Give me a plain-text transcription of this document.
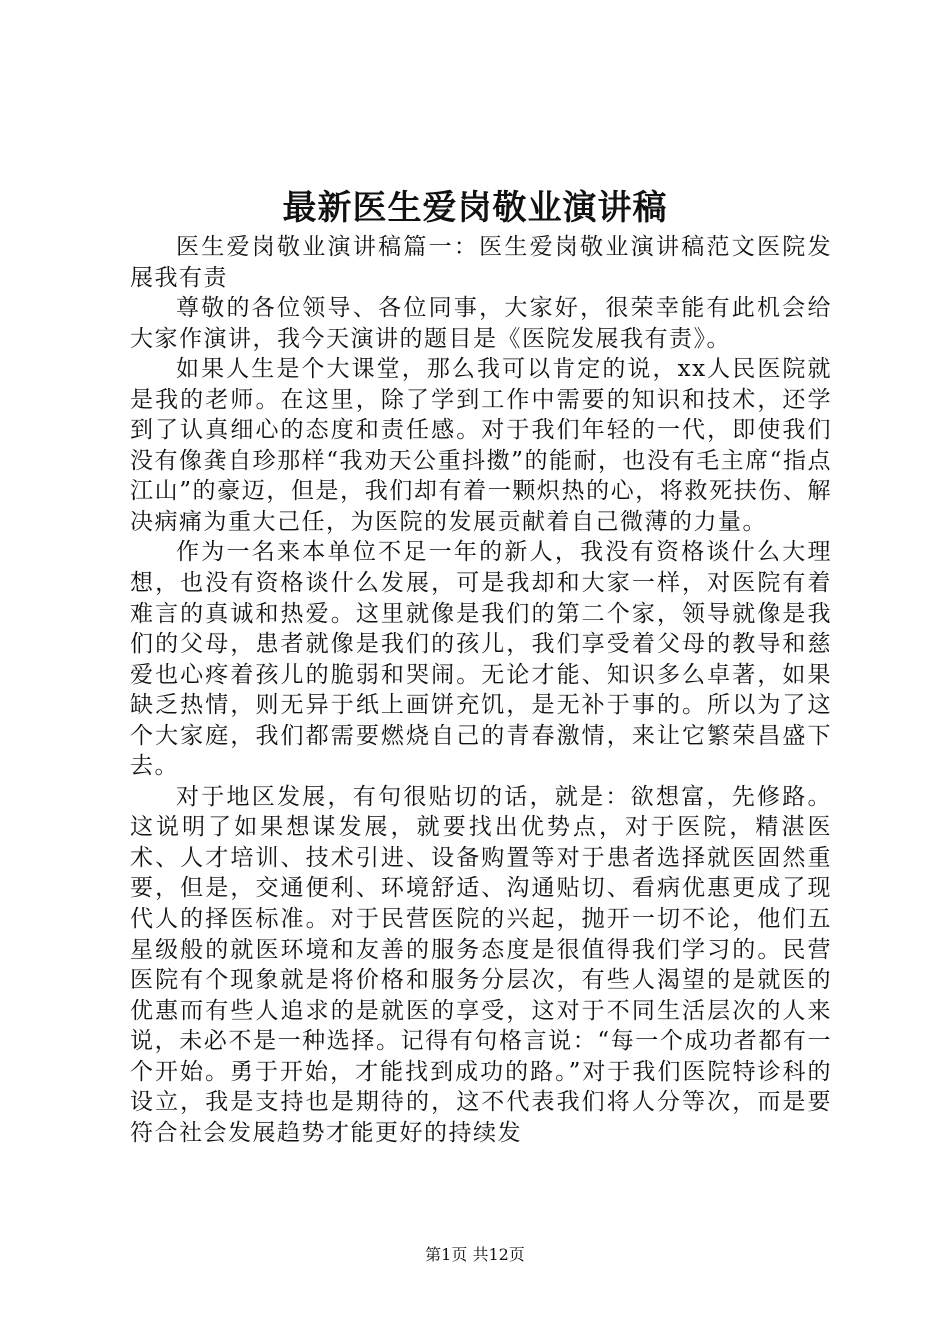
最新医生爱岗敬业演讲稿

医生爱岗敬业演讲稿篇一：医生爱岗敬业演讲稿范文医院发展我有责

尊敬的各位领导、各位同事，大家好，很荣幸能有此机会给大家作演讲，我今天演讲的题目是《医院发展我有责》。

如果人生是个大课堂，那么我可以肯定的说，xx人民医院就是我的老师。在这里，除了学到工作中需要的知识和技术，还学到了认真细心的态度和责任感。对于我们年轻的一代，即使我们没有像龚自珍那样“我劝天公重抖擞”的能耐，也没有毛主席“指点江山”的豪迈，但是，我们却有着一颗炽热的心，将救死扶伤、解决病痛为重大己任，为医院的发展贡献着自己微薄的力量。

作为一名来本单位不足一年的新人，我没有资格谈什么大理想，也没有资格谈什么发展，可是我却和大家一样，对医院有着难言的真诚和热爱。这里就像是我们的第二个家，领导就像是我们的父母，患者就像是我们的孩儿，我们享受着父母的教导和慈爱也心疼着孩儿的脆弱和哭闹。无论才能、知识多么卓著，如果缺乏热情，则无异于纸上画饼充饥，是无补于事的。所以为了这个大家庭，我们都需要燃烧自己的青春激情，来让它繁荣昌盛下去。

对于地区发展，有句很贴切的话，就是：欲想富，先修路。这说明了如果想谋发展，就要找出优势点，对于医院，精湛医术、人才培训、技术引进、设备购置等对于患者选择就医固然重要，但是，交通便利、环境舒适、沟通贴切、看病优惠更成了现代人的择医标准。对于民营医院的兴起，抛开一切不论，他们五星级般的就医环境和友善的服务态度是很值得我们学习的。民营医院有个现象就是将价格和服务分层次，有些人渴望的是就医的优惠而有些人追求的是就医的享受，这对于不同生活层次的人来说，未必不是一种选择。记得有句格言说：“每一个成功者都有一个开始。勇于开始，才能找到成功的路。”对于我们医院特诊科的设立，我是支持也是期待的，这不代表我们将人分等次，而是要符合社会发展趋势才能更好的持续发

第1页 共12页
